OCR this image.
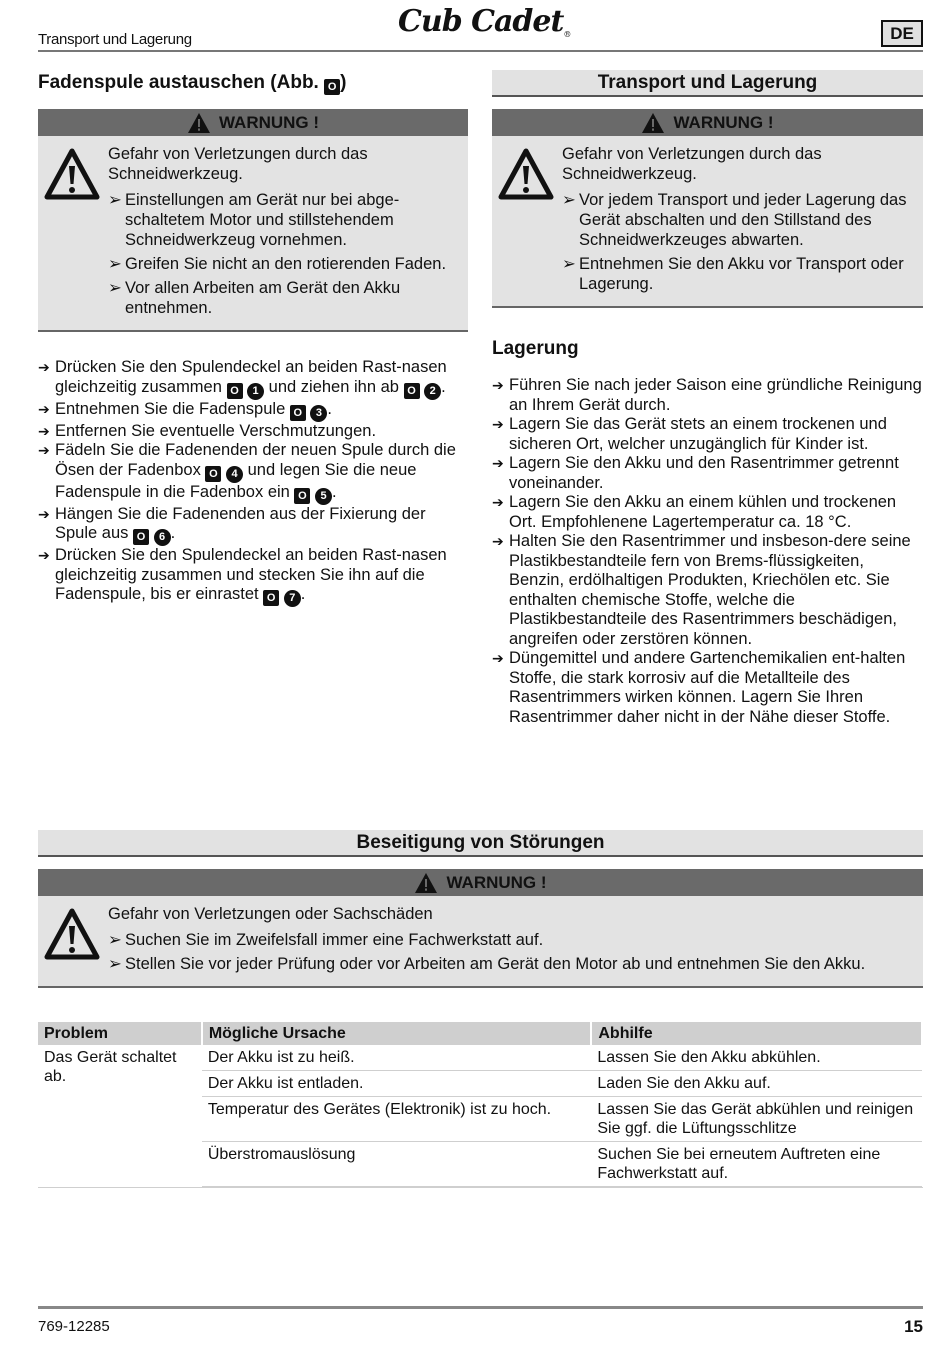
Transport und Lagerung
Cub Cadet®	DE
Fadenspule austauschen (Abb. O )
WARNUNG !

Gefahr von Verletzungen durch das Schneidwerkzeug.

➢ Einstellungen am Gerät nur bei abge-schaltetem Motor und stillstehendem Schneidwerkzeug vornehmen.
➢ Greifen Sie nicht an den rotierenden Faden.
➢ Vor allen Arbeiten am Gerät den Akku entnehmen.
➔ Drücken Sie den Spulendeckel an beiden Rast-nasen gleichzeitig zusammen O 1 und ziehen ihn ab O 2 .
➔ Entnehmen Sie die Fadenspule O 3 .
➔ Entfernen Sie eventuelle Verschmutzungen.
➔ Fädeln Sie die Fadenenden der neuen Spule durch die Ösen der Fadenbox O 4 und legen Sie die neue Fadenspule in die Fadenbox ein O 5 .
➔ Hängen Sie die Fadenenden aus der Fixierung der Spule aus O 6 .
➔ Drücken Sie den Spulendeckel an beiden Rast-nasen gleichzeitig zusammen und stecken Sie ihn auf die Fadenspule, bis er einrastet O 7 .
Transport und Lagerung
WARNUNG !

Gefahr von Verletzungen durch das Schneidwerkzeug.

➢ Vor jedem Transport und jeder Lagerung das Gerät abschalten und den Stillstand des Schneidwerkzeuges abwarten.
➢ Entnehmen Sie den Akku vor Transport oder Lagerung.
Lagerung
➔ Führen Sie nach jeder Saison eine gründliche Reinigung an Ihrem Gerät durch.
➔ Lagern Sie das Gerät stets an einem trockenen und sicheren Ort, welcher unzugänglich für Kinder ist.
➔ Lagern Sie den Akku und den Rasentrimmer getrennt voneinander.
➔ Lagern Sie den Akku an einem kühlen und trockenen Ort. Empfohlenene Lagertemperatur ca. 18 °C.
➔ Halten Sie den Rasentrimmer und insbeson-dere seine Plastikbestandteile fern von Brems-flüssigkeiten, Benzin, erdölhaltigen Produkten, Kriechölen etc. Sie enthalten chemische Stoffe, welche die Plastikbestandteile des Rasentrimmers beschädigen, angreifen oder zerstören können.
➔ Düngemittel und andere Gartenchemikalien ent-halten Stoffe, die stark korrosiv auf die Metallteile des Rasentrimmers wirken können. Lagern Sie Ihren Rasentrimmer daher nicht in der Nähe dieser Stoffe.
Beseitigung von Störungen
WARNUNG !

Gefahr von Verletzungen oder Sachschäden

➢ Suchen Sie im Zweifelsfall immer eine Fachwerkstatt auf.
➢ Stellen Sie vor jeder Prüfung oder vor Arbeiten am Gerät den Motor ab und entnehmen Sie den Akku.
Problem	Mögliche Ursache	Abhilfe
Das Gerät schaltet ab.	Der Akku ist zu heiß.	Lassen Sie den Akku abkühlen.
	Der Akku ist entladen.	Laden Sie den Akku auf.
	Temperatur des Gerätes (Elektronik) ist zu hoch.	Lassen Sie das Gerät abkühlen und reinigen Sie ggf. die Lüftungsschlitze
	Überstromauslösung	Suchen Sie bei erneutem Auftreten eine Fachwerkstatt auf.
769-12285	15
